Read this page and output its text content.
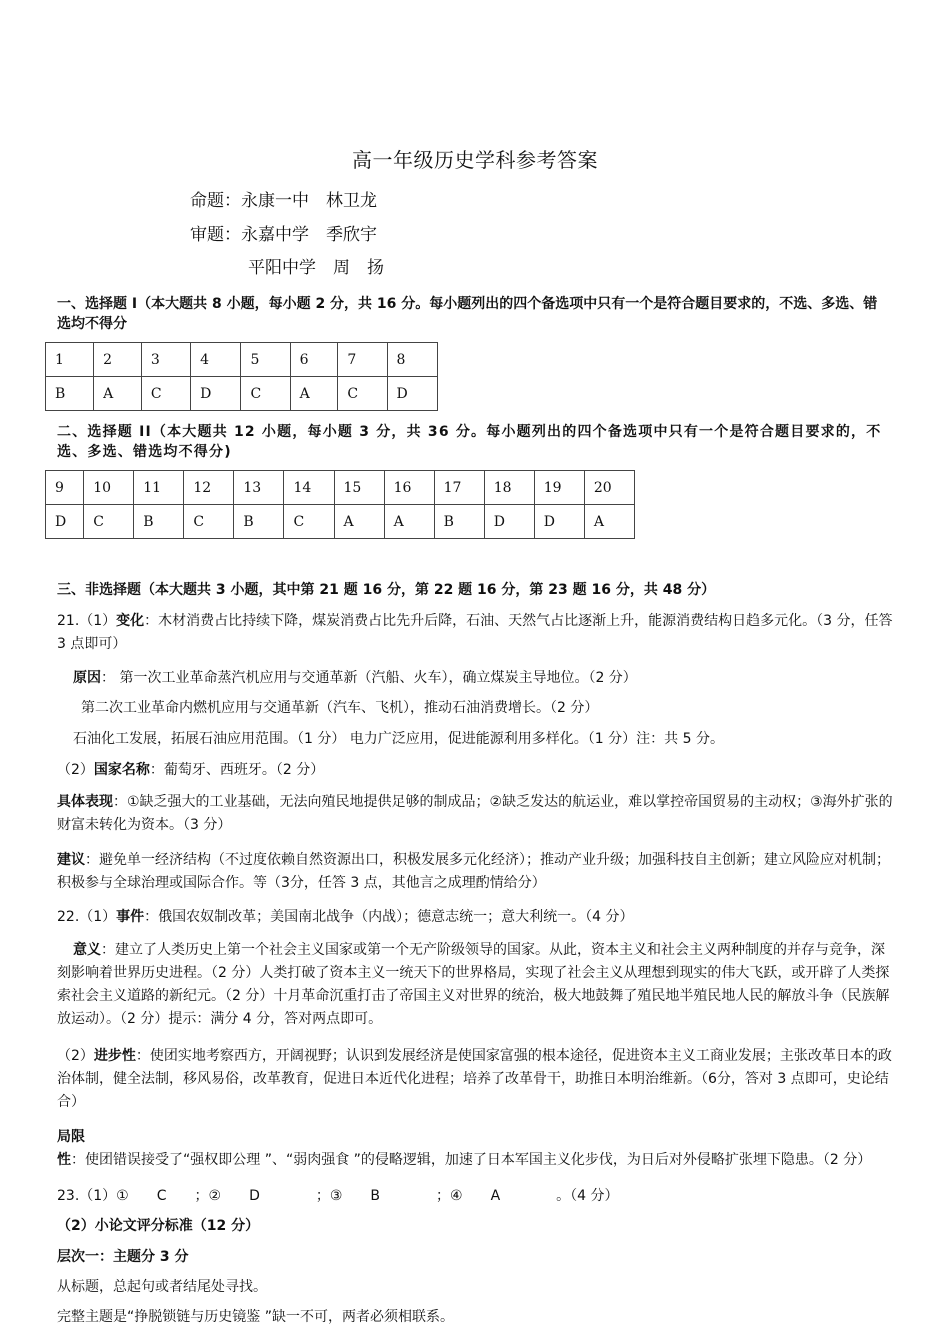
高一年级历史学科参考答案
命题：永康一中　林卫龙
审题：永嘉中学　季欣宇
平阳中学　周　扬
一、选择题 I（本大题共 8 小题，每小题 2 分，共 16 分。每小题列出的四个备选项中只有一个是符合题目要求的，不选、多选、错选均不得分
1	2	3	4	5	6	7	8
B	A	C	D	C	A	C	D
二、选择题 II（本大题共 12 小题，每小题 3 分，共 36 分。每小题列出的四个备选项中只有一个是符合题目要求的，不选、多选、错选均不得分)
9	10	11	12	13	14	15	16	17	18	19	20
D	C	B	C	B	C	A	A	B	D	D	A
三、非选择题（本大题共 3 小题，其中第 21 题 16 分，第 22 题 16 分，第 23 题 16 分，共 48 分）
21.（1）变化：木材消费占比持续下降，煤炭消费占比先升后降，石油、天然气占比逐渐上升，能源消费结构日趋多元化。（3 分，任答 3 点即可）
原因： 第一次工业革命蒸汽机应用与交通革新（汽船、火车），确立煤炭主导地位。（2 分）
第二次工业革命内燃机应用与交通革新（汽车、飞机），推动石油消费增长。（2 分）
石油化工发展，拓展石油应用范围。（1 分） 电力广泛应用，促进能源利用多样化。（1 分）注：共 5 分。
（2）国家名称：葡萄牙、西班牙。（2 分）
具体表现：①缺乏强大的工业基础，无法向殖民地提供足够的制成品；②缺乏发达的航运业，难以掌控帝国贸易的主动权；③海外扩张的财富未转化为资本。（3 分）
建议：避免单一经济结构（不过度依赖自然资源出口，积极发展多元化经济）；推动产业升级；加强科技自主创新；建立风险应对机制；积极参与全球治理或国际合作。等（3分，任答 3 点，其他言之成理酌情给分）
22.（1）事件：俄国农奴制改革；美国南北战争（内战）；德意志统一；意大利统一。（4 分）
意义：建立了人类历史上第一个社会主义国家或第一个无产阶级领导的国家。从此，资本主义和社会主义两种制度的并存与竞争，深刻影响着世界历史进程。（2 分）人类打破了资本主义一统天下的世界格局，实现了社会主义从理想到现实的伟大飞跃，或开辟了人类探索社会主义道路的新纪元。（2 分）十月革命沉重打击了帝国主义对世界的统治，极大地鼓舞了殖民地半殖民地人民的解放斗争（民族解放运动）。（2 分）提示：满分 4 分，答对两点即可。
（2）进步性：使团实地考察西方，开阔视野；认识到发展经济是使国家富强的根本途径，促进资本主义工商业发展；主张改革日本的政治体制，健全法制，移风易俗，改革教育，促进日本近代化进程；培养了改革骨干，助推日本明治维新。（6分，答对 3 点即可，史论结合）
局限性：使团错误接受了“强权即公理 ”、“弱肉强食 ”的侵略逻辑，加速了日本军国主义化步伐，为日后对外侵略扩张埋下隐患。（2 分）
23.（1）① C ；② D	；③ B	；④ A	。（4 分）
（2）小论文评分标准（12 分）
层次一：主题分 3 分
从标题，总起句或者结尾处寻找。
完整主题是“挣脱锁链与历史镜鉴 ”缺一不可，两者必须相联系。
